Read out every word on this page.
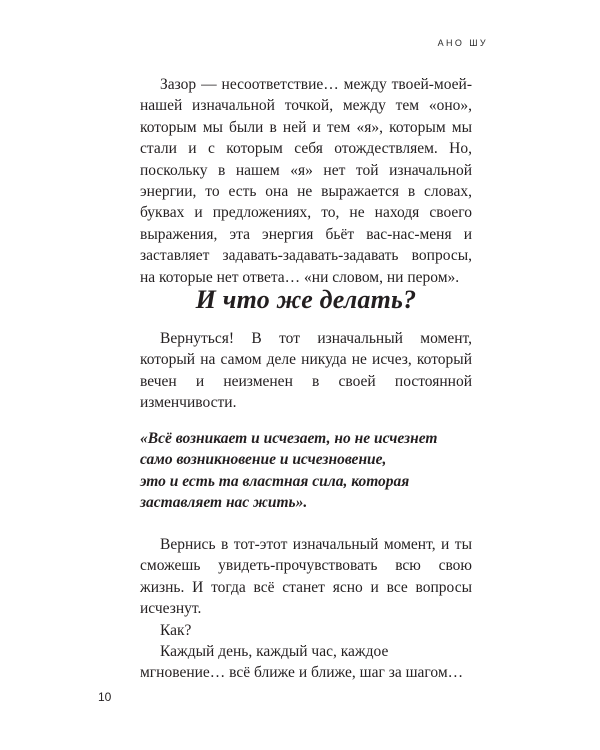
АНО ШУ

Зазор — несоответствие… между твоей-моей-нашей изначальной точкой, между тем «оно», которым мы были в ней и тем «я», которым мы стали и с которым себя отождествляем. Но, поскольку в нашем «я» нет той изначальной энергии, то есть она не выражается в словах, буквах и предложениях, то, не находя своего выражения, эта энергия бьёт вас-нас-меня и заставляет задавать-задавать-задавать вопросы, на которые нет ответа… «ни словом, ни пером».

И что же делать?

Вернуться! В тот изначальный момент, который на самом деле никуда не исчез, который вечен и неизменен в своей постоянной изменчивости.

«Всё возникает и исчезает, но не исчезнет
само возникновение и исчезновение,
это и есть та властная сила, которая
заставляет нас жить».

Вернись в тот-этот изначальный момент, и ты сможешь увидеть-прочувствовать всю свою жизнь. И тогда всё станет ясно и все вопросы исчезнут.

Как?

Каждый день, каждый час, каждое мгновение… всё ближе и ближе, шаг за шагом…

10
